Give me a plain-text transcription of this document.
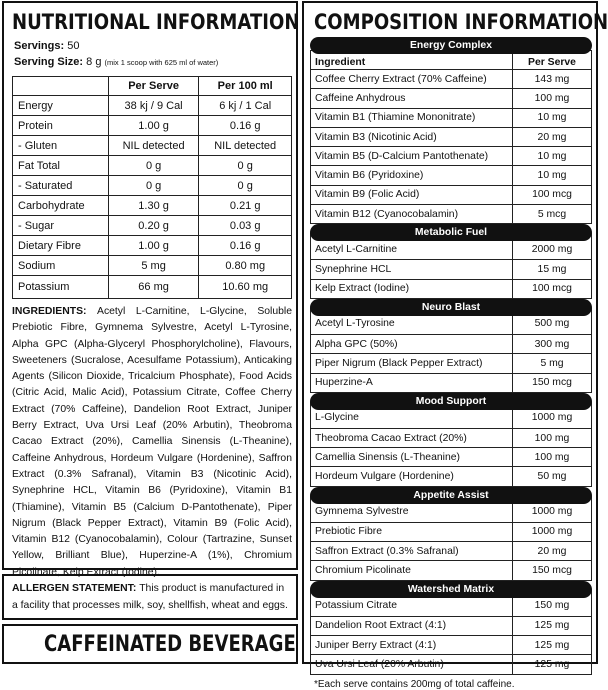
NUTRITIONAL INFORMATION
Servings: 50
Serving Size: 8 g (mix 1 scoop with 625 ml of water)
	Per Serve	Per 100 ml
Energy	38 kj / 9 Cal	6 kj / 1 Cal
Protein	1.00 g	0.16 g
- Gluten	NIL detected	NIL detected
Fat Total	0 g	0 g
- Saturated	0 g	0 g
Carbohydrate	1.30 g	0.21 g
- Sugar	0.20 g	0.03 g
Dietary Fibre	1.00 g	0.16 g
Sodium	5 mg	0.80 mg
Potassium	66 mg	10.60 mg
INGREDIENTS: Acetyl L-Carnitine, L-Glycine, Soluble Prebiotic Fibre, Gymnema Sylvestre, Acetyl L-Tyrosine, Alpha GPC (Alpha-Glyceryl Phosphorylcholine), Flavours, Sweeteners (Sucralose, Acesulfame Potassium), Anticaking Agents (Silicon Dioxide, Tricalcium Phosphate), Food Acids (Citric Acid, Malic Acid), Potassium Citrate, Coffee Cherry Extract (70% Caffeine), Dandelion Root Extract, Juniper Berry Extract, Uva Ursi Leaf (20% Arbutin), Theobroma Cacao Extract (20%), Camellia Sinensis (L-Theanine), Caffeine Anhydrous, Hordeum Vulgare (Hordenine), Saffron Extract (0.3% Safranal), Vitamin B3 (Nicotinic Acid), Synephrine HCL, Vitamin B6 (Pyridoxine), Vitamin B1 (Thiamine), Vitamin B5 (Calcium D-Pantothenate), Piper Nigrum (Black Pepper Extract), Vitamin B9 (Folic Acid), Vitamin B12 (Cyanocobalamin), Colour (Tartrazine, Sunset Yellow, Brilliant Blue), Huperzine-A (1%), Chromium Picolinate, Kelp Extract (Iodine).
ALLERGEN STATEMENT: This product is manufactured in a facility that processes milk, soy, shellfish, wheat and eggs.
CAFFEINATED BEVERAGE
COMPOSITION INFORMATION
Energy Complex
Ingredient	Per Serve
Coffee Cherry Extract (70% Caffeine)	143 mg
Caffeine Anhydrous	100 mg
Vitamin B1 (Thiamine Mononitrate)	10 mg
Vitamin B3 (Nicotinic Acid)	20 mg
Vitamin B5 (D-Calcium Pantothenate)	10 mg
Vitamin B6 (Pyridoxine)	10 mg
Vitamin B9 (Folic Acid)	100 mcg
Vitamin B12 (Cyanocobalamin)	5 mcg
Metabolic Fuel
Acetyl L-Carnitine	2000 mg
Synephrine HCL	15 mg
Kelp Extract (Iodine)	100 mcg
Neuro Blast
Acetyl L-Tyrosine	500 mg
Alpha GPC (50%)	300 mg
Piper Nigrum (Black Pepper Extract)	5 mg
Huperzine-A	150 mcg
Mood Support
L-Glycine	1000 mg
Theobroma Cacao Extract (20%)	100 mg
Camellia Sinensis (L-Theanine)	100 mg
Hordeum Vulgare (Hordenine)	50 mg
Appetite Assist
Gymnema Sylvestre	1000 mg
Prebiotic Fibre	1000 mg
Saffron Extract (0.3% Safranal)	20 mg
Chromium Picolinate	150 mcg
Watershed Matrix
Potassium Citrate	150 mg
Dandelion Root Extract (4:1)	125 mg
Juniper Berry Extract (4:1)	125 mg
Uva Ursi Leaf (20% Arbutin)	125 mg
*Each serve contains 200mg of total caffeine.
